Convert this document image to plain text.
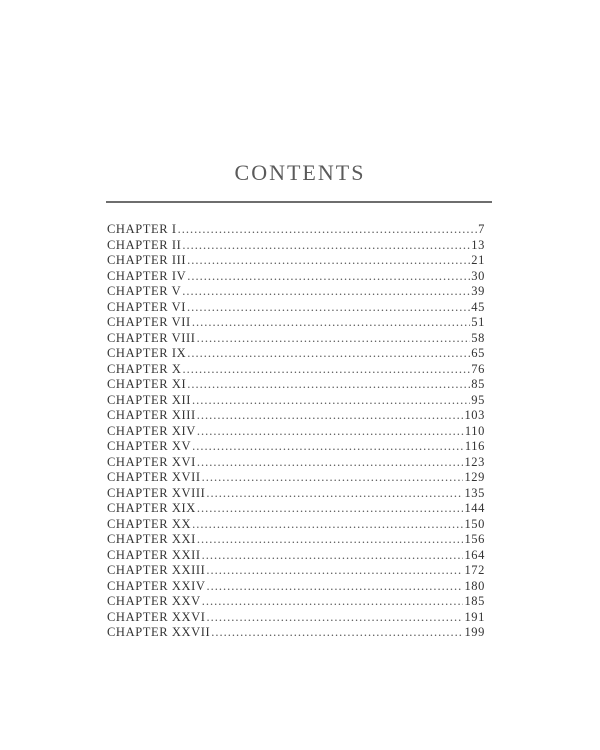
CONTENTS
CHAPTER I .....	7
CHAPTER II .....	13
CHAPTER III .....	21
CHAPTER IV .....	30
CHAPTER V .....	39
CHAPTER VI .....	45
CHAPTER VII .....	51
CHAPTER VIII .....	58
CHAPTER IX .....	65
CHAPTER X .....	76
CHAPTER XI .....	85
CHAPTER XII .....	95
CHAPTER XIII .....	103
CHAPTER XIV .....	110
CHAPTER XV .....	116
CHAPTER XVI .....	123
CHAPTER XVII .....	129
CHAPTER XVIII .....	135
CHAPTER XIX .....	144
CHAPTER XX .....	150
CHAPTER XXI .....	156
CHAPTER XXII .....	164
CHAPTER XXIII .....	172
CHAPTER XXIV .....	180
CHAPTER XXV .....	185
CHAPTER XXVI .....	191
CHAPTER XXVII .....	199
